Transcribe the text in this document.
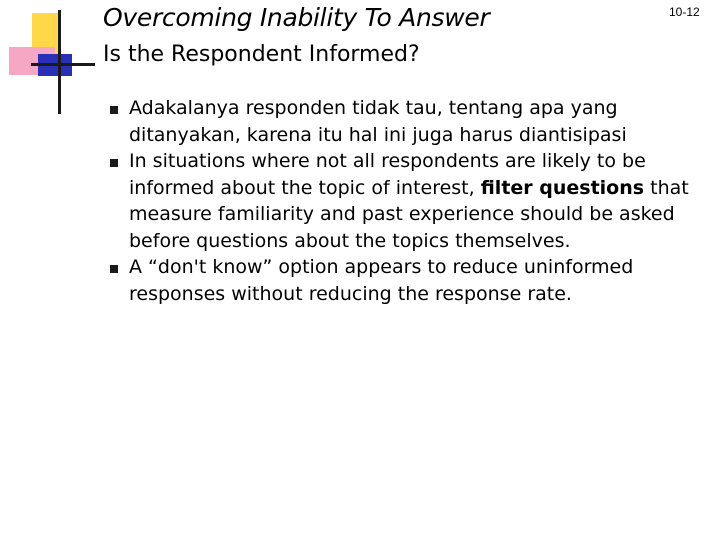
Overcoming Inability To Answer
Is the Respondent Informed?
10-12
Adakalanya responden tidak tau, tentang apa yang ditanyakan, karena itu hal ini juga harus diantisipasi
In situations where not all respondents are likely to be informed about the topic of interest, filter questions that measure familiarity and past experience should be asked before questions about the topics themselves.
A “don't know” option appears to reduce uninformed responses without reducing the response rate.
